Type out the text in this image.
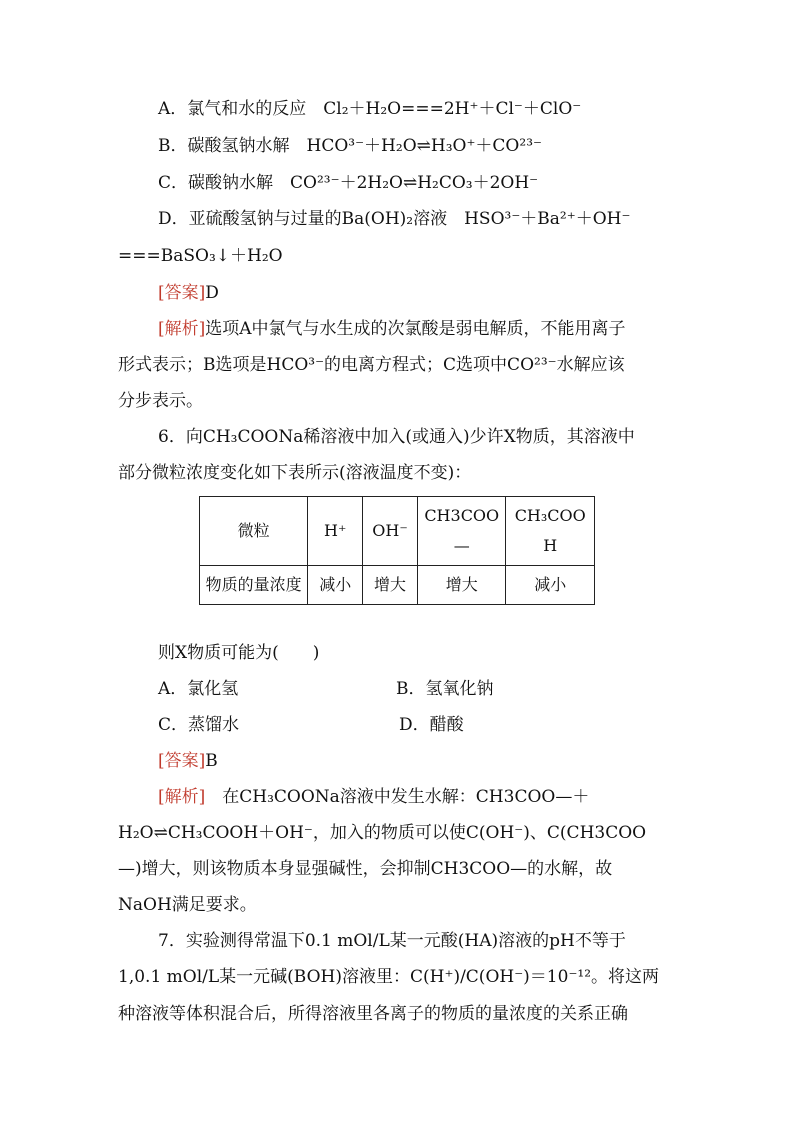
A．氯气和水的反应　 Cl₂＋H₂O===2H⁺＋Cl⁻＋ClO⁻
B．碳酸氢钠水解　 HCO³⁻＋H₂O⇌H₃O⁺＋CO²³⁻
C．碳酸钠水解　 CO²³⁻＋2H₂O⇌H₂CO₃＋2OH⁻
D．亚硫酸氢钠与过量的Ba(OH)₂溶液　HSO³⁻＋Ba²⁺＋OH⁻
===BaSO₃↓＋H₂O
[答案]D
[解析]选项A中氯气与水生成的次氯酸是弱电解质，不能用离子
形式表示；B选项是HCO³⁻的电离方程式；C选项中CO²³⁻水解应该
分步表示。
6．向CH₃COONa稀溶液中加入(或通入)少许X物质，其溶液中
部分微粒浓度变化如下表所示(溶液温度不变)：
微粒	H⁺	OH⁻	CH3COO—	CH₃COOH
物质的量浓度	减小	增大	增大	减小
则X物质可能为(　　)
A．氯化氢	B．氢氧化钠
C．蒸馏水	D．醋酸
[答案]B
[解析]　 在CH₃COONa溶液中发生水解：CH3COO—＋
H₂O⇌CH₃COOH＋OH⁻，加入的物质可以使C(OH⁻)、C(CH3COO
—)增大，则该物质本身显强碱性，会抑制CH3COO—的水解，故
NaOH满足要求。
7．实验测得常温下0.1 mOl/L某一元酸(HA)溶液的pH不等于
1,0.1 mOl/L某一元碱(BOH)溶液里：C(H⁺)/C(OH⁻)＝10⁻¹²。将这两
种溶液等体积混合后，所得溶液里各离子的物质的量浓度的关系正确
